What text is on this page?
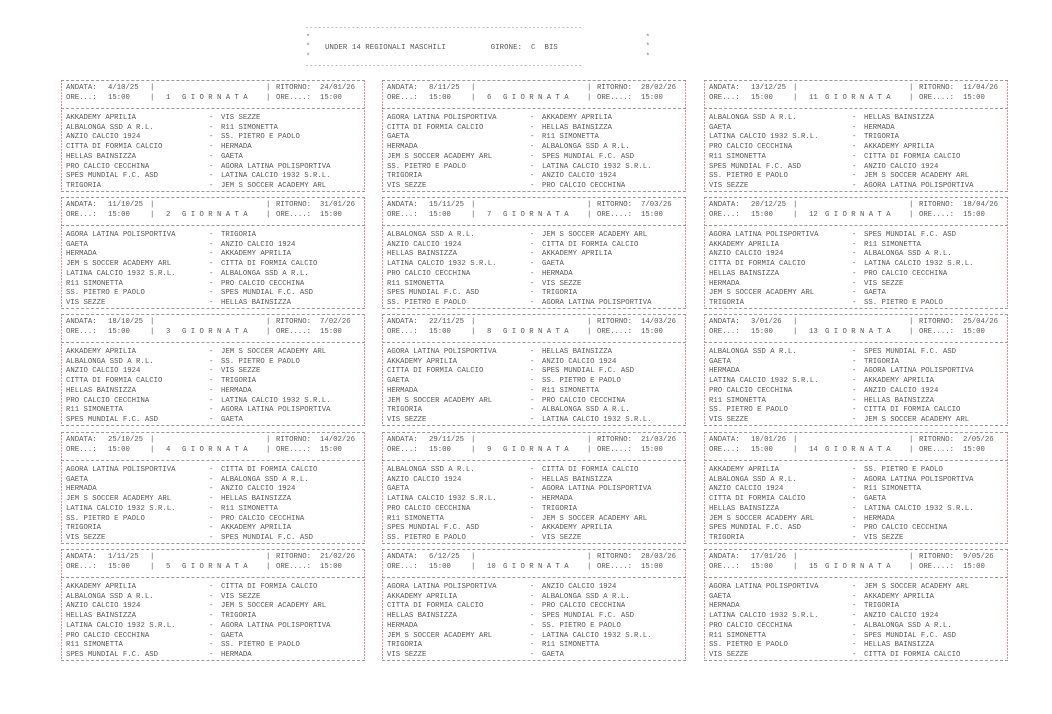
******************************************************************
*	*
*	*
*	*
UNDER 14 REGIONALI MASCHILI          GIRONE:  C  BIS
******************************************************************
ANDATA: 4/10/25 |	| RITORNO: 24/01/26
ORE...: 15:00	| 1 G I O R N A T A	| ORE....: 15:00
AKKADEMY APRILIA	- VIS SEZZE
ALBALONGA SSD A R.L.	- R11 SIMONETTA
ANZIO CALCIO 1924	- SS. PIETRO E PAOLO
CITTA DI FORMIA CALCIO	- HERMADA
HELLAS BAINSIZZA	- GAETA
PRO CALCIO CECCHINA	- AGORA LATINA POLISPORTIVA
SPES MUNDIAL F.C. ASD	- LATINA CALCIO 1932 S.R.L.
TRIGORIA	- JEM S SOCCER ACADEMY ARL
ANDATA: 11/10/25 |	| RITORNO: 31/01/26
ORE...: 15:00	| 2 G I O R N A T A	| ORE....: 15:00
AGORA LATINA POLISPORTIVA	- TRIGORIA
GAETA	- ANZIO CALCIO 1924
HERMADA	- AKKADEMY APRILIA
JEM S SOCCER ACADEMY ARL	- CITTA DI FORMIA CALCIO
LATINA CALCIO 1932 S.R.L.	- ALBALONGA SSD A R.L.
R11 SIMONETTA	- PRO CALCIO CECCHINA
SS. PIETRO E PAOLO	- SPES MUNDIAL F.C. ASD
VIS SEZZE	- HELLAS BAINSIZZA
ANDATA: 18/10/25 |	| RITORNO: 7/02/26
ORE...: 15:00	| 3 G I O R N A T A	| ORE....: 15:00
AKKADEMY APRILIA	- JEM S SOCCER ACADEMY ARL
ALBALONGA SSD A R.L.	- SS. PIETRO E PAOLO
ANZIO CALCIO 1924	- VIS SEZZE
CITTA DI FORMIA CALCIO	- TRIGORIA
HELLAS BAINSIZZA	- HERMADA
PRO CALCIO CECCHINA	- LATINA CALCIO 1932 S.R.L.
R11 SIMONETTA	- AGORA LATINA POLISPORTIVA
SPES MUNDIAL F.C. ASD	- GAETA
ANDATA: 25/10/25 |	| RITORNO: 14/02/26
ORE...: 15:00	| 4 G I O R N A T A	| ORE....: 15:00
AGORA LATINA POLISPORTIVA	- CITTA DI FORMIA CALCIO
GAETA	- ALBALONGA SSD A R.L.
HERMADA	- ANZIO CALCIO 1924
JEM S SOCCER ACADEMY ARL	- HELLAS BAINSIZZA
LATINA CALCIO 1932 S.R.L.	- R11 SIMONETTA
SS. PIETRO E PAOLO	- PRO CALCIO CECCHINA
TRIGORIA	- AKKADEMY APRILIA
VIS SEZZE	- SPES MUNDIAL F.C. ASD
ANDATA: 1/11/25 |	| RITORNO: 21/02/26
ORE...: 15:00	| 5 G I O R N A T A	| ORE....: 15:00
AKKADEMY APRILIA	- CITTA DI FORMIA CALCIO
ALBALONGA SSD A R.L.	- VIS SEZZE
ANZIO CALCIO 1924	- JEM S SOCCER ACADEMY ARL
HELLAS BAINSIZZA	- TRIGORIA
LATINA CALCIO 1932 S.R.L.	- AGORA LATINA POLISPORTIVA
PRO CALCIO CECCHINA	- GAETA
R11 SIMONETTA	- SS. PIETRO E PAOLO
SPES MUNDIAL F.C. ASD	- HERMADA
ANDATA: 8/11/25 |	| RITORNO: 28/02/26
ORE...: 15:00	| 6 G I O R N A T A	| ORE....: 15:00
AGORA LATINA POLISPORTIVA	- AKKADEMY APRILIA
CITTA DI FORMIA CALCIO	- HELLAS BAINSIZZA
GAETA	- R11 SIMONETTA
HERMADA	- ALBALONGA SSD A R.L.
JEM S SOCCER ACADEMY ARL	- SPES MUNDIAL F.C. ASD
SS. PIETRO E PAOLO	- LATINA CALCIO 1932 S.R.L.
TRIGORIA	- ANZIO CALCIO 1924
VIS SEZZE	- PRO CALCIO CECCHINA
ANDATA: 15/11/25 |	| RITORNO: 7/03/26
ORE...: 15:00	| 7 G I O R N A T A	| ORE....: 15:00
ALBALONGA SSD A R.L.	- JEM S SOCCER ACADEMY ARL
ANZIO CALCIO 1924	- CITTA DI FORMIA CALCIO
HELLAS BAINSIZZA	- AKKADEMY APRILIA
LATINA CALCIO 1932 S.R.L.	- GAETA
PRO CALCIO CECCHINA	- HERMADA
R11 SIMONETTA	- VIS SEZZE
SPES MUNDIAL F.C. ASD	- TRIGORIA
SS. PIETRO E PAOLO	- AGORA LATINA POLISPORTIVA
ANDATA: 22/11/25 |	| RITORNO: 14/03/26
ORE...: 15:00	| 8 G I O R N A T A	| ORE....: 15:00
AGORA LATINA POLISPORTIVA	- HELLAS BAINSIZZA
AKKADEMY APRILIA	- ANZIO CALCIO 1924
CITTA DI FORMIA CALCIO	- SPES MUNDIAL F.C. ASD
GAETA	- SS. PIETRO E PAOLO
HERMADA	- R11 SIMONETTA
JEM S SOCCER ACADEMY ARL	- PRO CALCIO CECCHINA
TRIGORIA	- ALBALONGA SSD A R.L.
VIS SEZZE	- LATINA CALCIO 1932 S.R.L.
ANDATA: 29/11/25 |	| RITORNO: 21/03/26
ORE...: 15:00	| 9 G I O R N A T A	| ORE....: 15:00
ALBALONGA SSD A R.L.	- CITTA DI FORMIA CALCIO
ANZIO CALCIO 1924	- HELLAS BAINSIZZA
GAETA	- AGORA LATINA POLISPORTIVA
LATINA CALCIO 1932 S.R.L.	- HERMADA
PRO CALCIO CECCHINA	- TRIGORIA
R11 SIMONETTA	- JEM S SOCCER ACADEMY ARL
SPES MUNDIAL F.C. ASD	- AKKADEMY APRILIA
SS. PIETRO E PAOLO	- VIS SEZZE
ANDATA: 6/12/25 |	| RITORNO: 28/03/26
ORE...: 15:00	| 10 G I O R N A T A	| ORE....: 15:00
AGORA LATINA POLISPORTIVA	- ANZIO CALCIO 1924
AKKADEMY APRILIA	- ALBALONGA SSD A R.L.
CITTA DI FORMIA CALCIO	- PRO CALCIO CECCHINA
HELLAS BAINSIZZA	- SPES MUNDIAL F.C. ASD
HERMADA	- SS. PIETRO E PAOLO
JEM S SOCCER ACADEMY ARL	- LATINA CALCIO 1932 S.R.L.
TRIGORIA	- R11 SIMONETTA
VIS SEZZE	- GAETA
ANDATA: 13/12/25 |	| RITORNO: 11/04/26
ORE...: 15:00	| 11 G I O R N A T A	| ORE....: 15:00
ALBALONGA SSD A R.L.	- HELLAS BAINSIZZA
GAETA	- HERMADA
LATINA CALCIO 1932 S.R.L.	- TRIGORIA
PRO CALCIO CECCHINA	- AKKADEMY APRILIA
R11 SIMONETTA	- CITTA DI FORMIA CALCIO
SPES MUNDIAL F.C. ASD	- ANZIO CALCIO 1924
SS. PIETRO E PAOLO	- JEM S SOCCER ACADEMY ARL
VIS SEZZE	- AGORA LATINA POLISPORTIVA
ANDATA: 20/12/25 |	| RITORNO: 18/04/26
ORE...: 15:00	| 12 G I O R N A T A	| ORE....: 15:00
AGORA LATINA POLISPORTIVA	- SPES MUNDIAL F.C. ASD
AKKADEMY APRILIA	- R11 SIMONETTA
ANZIO CALCIO 1924	- ALBALONGA SSD A R.L.
CITTA DI FORMIA CALCIO	- LATINA CALCIO 1932 S.R.L.
HELLAS BAINSIZZA	- PRO CALCIO CECCHINA
HERMADA	- VIS SEZZE
JEM S SOCCER ACADEMY ARL	- GAETA
TRIGORIA	- SS. PIETRO E PAOLO
ANDATA: 3/01/26 |	| RITORNO: 25/04/26
ORE...: 15:00	| 13 G I O R N A T A	| ORE....: 15:00
ALBALONGA SSD A R.L.	- SPES MUNDIAL F.C. ASD
GAETA	- TRIGORIA
HERMADA	- AGORA LATINA POLISPORTIVA
LATINA CALCIO 1932 S.R.L.	- AKKADEMY APRILIA
PRO CALCIO CECCHINA	- ANZIO CALCIO 1924
R11 SIMONETTA	- HELLAS BAINSIZZA
SS. PIETRO E PAOLO	- CITTA DI FORMIA CALCIO
VIS SEZZE	- JEM S SOCCER ACADEMY ARL
ANDATA: 10/01/26 |	| RITORNO: 2/05/26
ORE...: 15:00	| 14 G I O R N A T A	| ORE....: 15:00
AKKADEMY APRILIA	- SS. PIETRO E PAOLO
ALBALONGA SSD A R.L.	- AGORA LATINA POLISPORTIVA
ANZIO CALCIO 1924	- R11 SIMONETTA
CITTA DI FORMIA CALCIO	- GAETA
HELLAS BAINSIZZA	- LATINA CALCIO 1932 S.R.L.
JEM S SOCCER ACADEMY ARL	- HERMADA
SPES MUNDIAL F.C. ASD	- PRO CALCIO CECCHINA
TRIGORIA	- VIS SEZZE
ANDATA: 17/01/26 |	| RITORNO: 9/05/26
ORE...: 15:00	| 15 G I O R N A T A	| ORE....: 15:00
AGORA LATINA POLISPORTIVA	- JEM S SOCCER ACADEMY ARL
GAETA	- AKKADEMY APRILIA
HERMADA	- TRIGORIA
LATINA CALCIO 1932 S.R.L.	- ANZIO CALCIO 1924
PRO CALCIO CECCHINA	- ALBALONGA SSD A R.L.
R11 SIMONETTA	- SPES MUNDIAL F.C. ASD
SS. PIETRO E PAOLO	- HELLAS BAINSIZZA
VIS SEZZE	- CITTA DI FORMIA CALCIO
